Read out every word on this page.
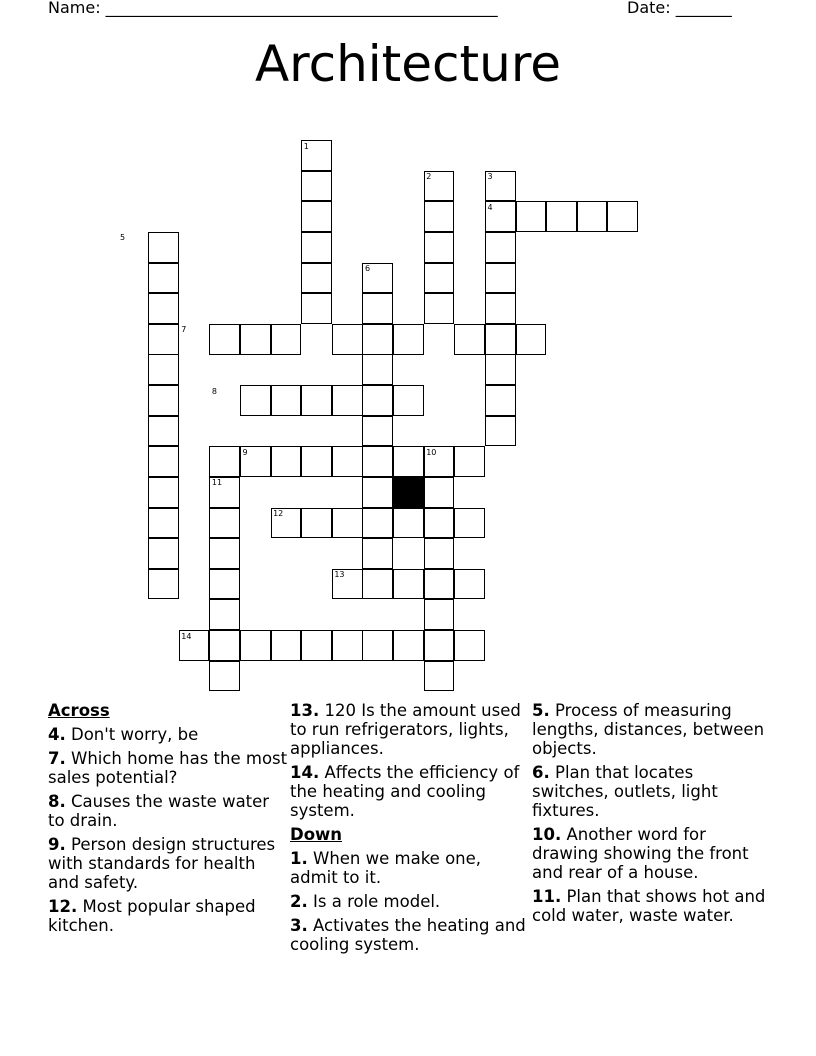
Name: _________________________________________________	Date: _______
Architecture
1
2	3
4
5
6
7
8
9	10
11
12
13
14
Across
4. Don't worry, be
7. Which home has the most sales potential?
8. Causes the waste water to drain.
9. Person design structures with standards for health and safety.
12. Most popular shaped kitchen.
13. 120 Is the amount used to run refrigerators, lights, appliances.
14. Affects the efficiency of the heating and cooling system.
Down
1. When we make one, admit to it.
2. Is a role model.
3. Activates the heating and cooling system.
5. Process of measuring lengths, distances, between objects.
6. Plan that locates switches, outlets, light fixtures.
10. Another word for drawing showing the front and rear of a house.
11. Plan that shows hot and cold water, waste water.
